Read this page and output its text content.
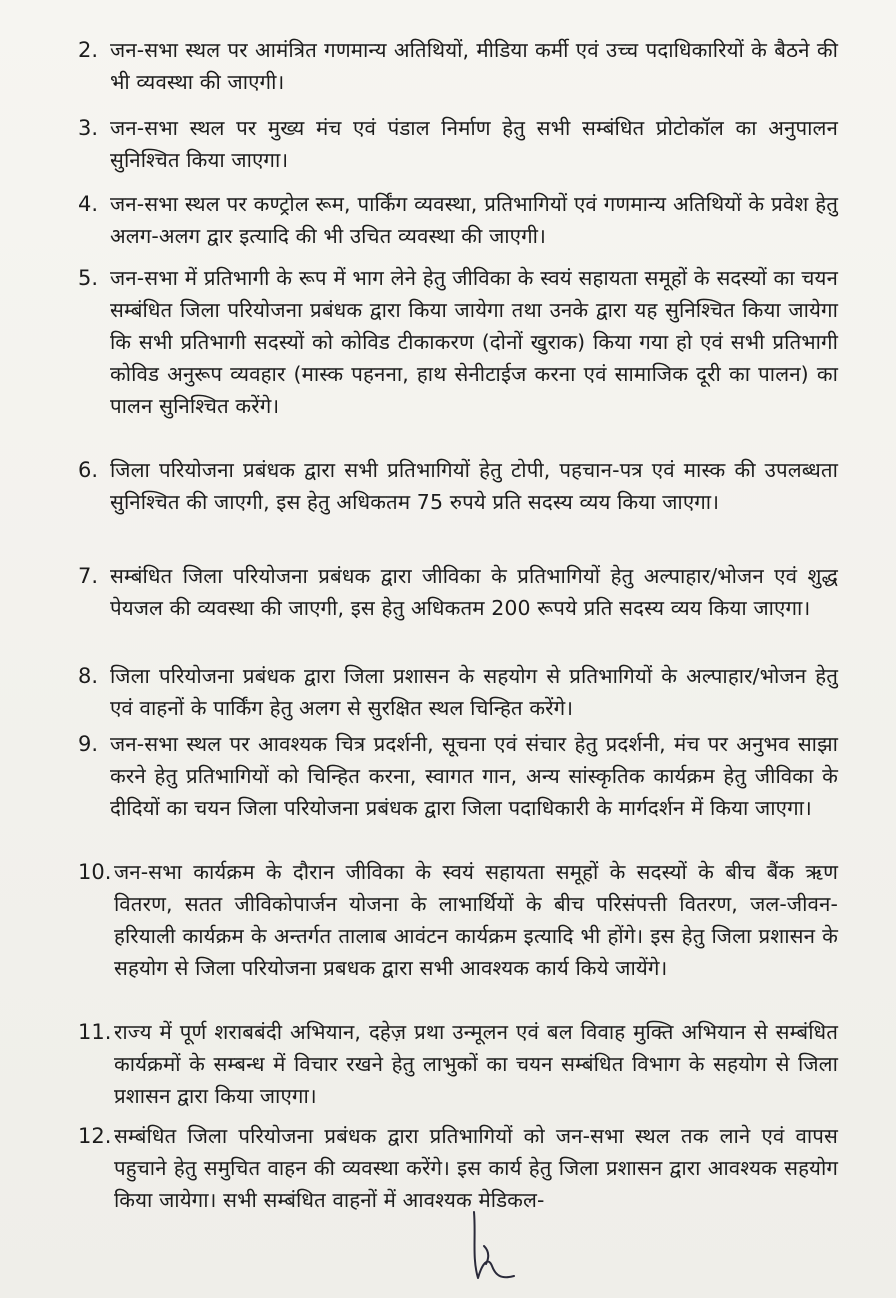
2. जन-सभा स्थल पर आमंत्रित गणमान्य अतिथियों, मीडिया कर्मी एवं उच्च पदाधिकारियों के बैठने की भी व्यवस्था की जाएगी।
3. जन-सभा स्थल पर मुख्य मंच एवं पंडाल निर्माण हेतु सभी सम्बंधित प्रोटोकॉल का अनुपालन सुनिश्चित किया जाएगा।
4. जन-सभा स्थल पर कण्ट्रोल रूम, पार्किंग व्यवस्था, प्रतिभागियों एवं गणमान्य अतिथियों के प्रवेश हेतु अलग-अलग द्वार इत्यादि की भी उचित व्यवस्था की जाएगी।
5. जन-सभा में प्रतिभागी के रूप में भाग लेने हेतु जीविका के स्वयं सहायता समूहों के सदस्यों का चयन सम्बंधित जिला परियोजना प्रबंधक द्वारा किया जायेगा तथा उनके द्वारा यह सुनिश्चित किया जायेगा कि सभी प्रतिभागी सदस्यों को कोविड टीकाकरण (दोनों खुराक) किया गया हो एवं सभी प्रतिभागी कोविड अनुरूप व्यवहार (मास्क पहनना, हाथ सेनीटाईज करना एवं सामाजिक दूरी का पालन) का पालन सुनिश्चित करेंगे।
6. जिला परियोजना प्रबंधक द्वारा सभी प्रतिभागियों हेतु टोपी, पहचान-पत्र एवं मास्क की उपलब्धता सुनिश्चित की जाएगी, इस हेतु अधिकतम 75 रुपये प्रति सदस्य व्यय किया जाएगा।
7. सम्बंधित जिला परियोजना प्रबंधक द्वारा जीविका के प्रतिभागियों हेतु अल्पाहार/भोजन एवं शुद्ध पेयजल की व्यवस्था की जाएगी, इस हेतु अधिकतम 200 रूपये प्रति सदस्य व्यय किया जाएगा।
8. जिला परियोजना प्रबंधक द्वारा जिला प्रशासन के सहयोग से प्रतिभागियों के अल्पाहार/भोजन हेतु एवं वाहनों के पार्किंग हेतु अलग से सुरक्षित स्थल चिन्हित करेंगे।
9. जन-सभा स्थल पर आवश्यक चित्र प्रदर्शनी, सूचना एवं संचार हेतु प्रदर्शनी, मंच पर अनुभव साझा करने हेतु प्रतिभागियों को चिन्हित करना, स्वागत गान, अन्य सांस्कृतिक कार्यक्रम हेतु जीविका के दीदियों का चयन जिला परियोजना प्रबंधक द्वारा जिला पदाधिकारी के मार्गदर्शन में किया जाएगा।
10. जन-सभा कार्यक्रम के दौरान जीविका के स्वयं सहायता समूहों के सदस्यों के बीच बैंक ऋण वितरण, सतत जीविकोपार्जन योजना के लाभार्थियों के बीच परिसंपत्ती वितरण, जल-जीवन-हरियाली कार्यक्रम के अन्तर्गत तालाब आवंटन कार्यक्रम इत्यादि भी होंगे। इस हेतु जिला प्रशासन के सहयोग से जिला परियोजना प्रबधक द्वारा सभी आवश्यक कार्य किये जायेंगे।
11. राज्य में पूर्ण शराबबंदी अभियान, दहेज़ प्रथा उन्मूलन एवं बल विवाह मुक्ति अभियान से सम्बंधित कार्यक्रमों के सम्बन्ध में विचार रखने हेतु लाभुकों का चयन सम्बंधित विभाग के सहयोग से जिला प्रशासन द्वारा किया जाएगा।
12. सम्बंधित जिला परियोजना प्रबंधक द्वारा प्रतिभागियों को जन-सभा स्थल तक लाने एवं वापस पहुचाने हेतु समुचित वाहन की व्यवस्था करेंगे। इस कार्य हेतु जिला प्रशासन द्वारा आवश्यक सहयोग किया जायेगा। सभी सम्बंधित वाहनों में आवश्यक मेडिकल-
